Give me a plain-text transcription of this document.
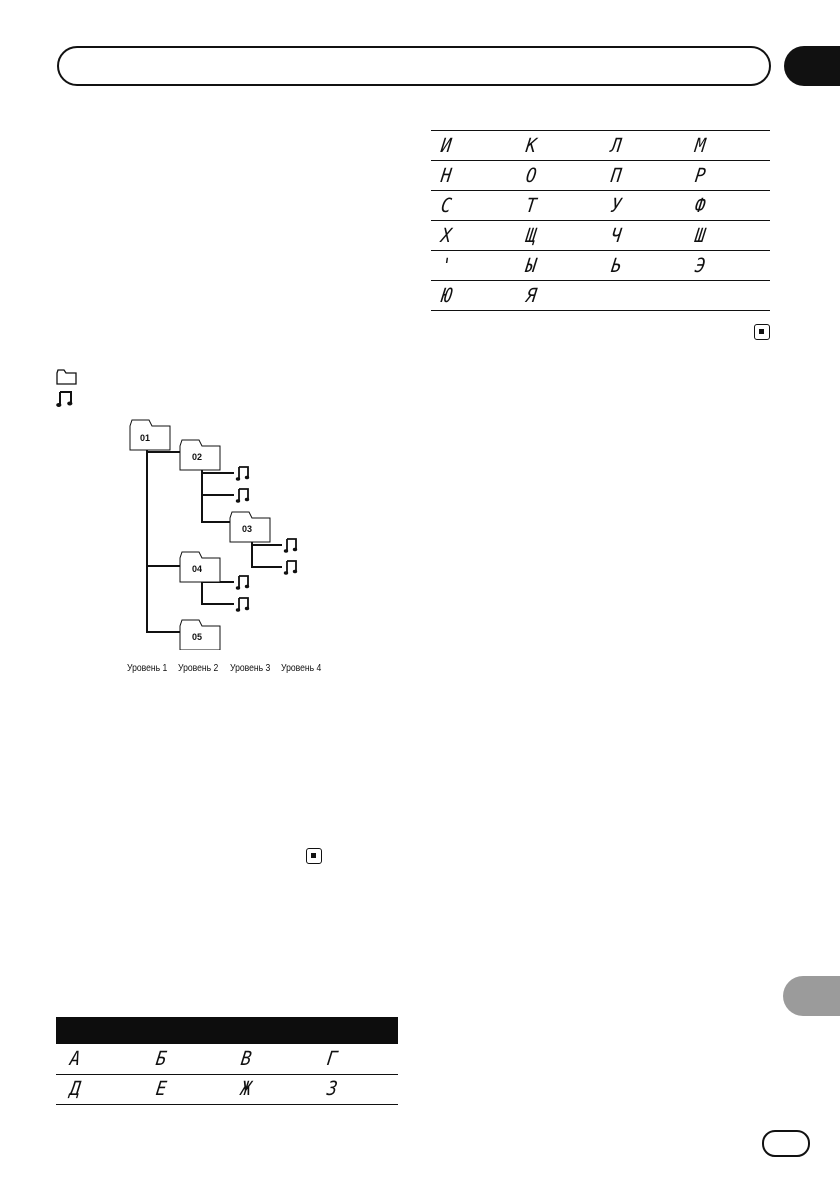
01
02
03
04
05
Уровень 1 Уровень 2 Уровень 3 Уровень 4
И	К	Л	М
Н	О	П	Р
С	Т	У	Ф
Х	Щ	Ч	Ш
'	Ы	Ь	Э
Ю	Я		
А	Б	В	Г
Д	Е	Ж	З
